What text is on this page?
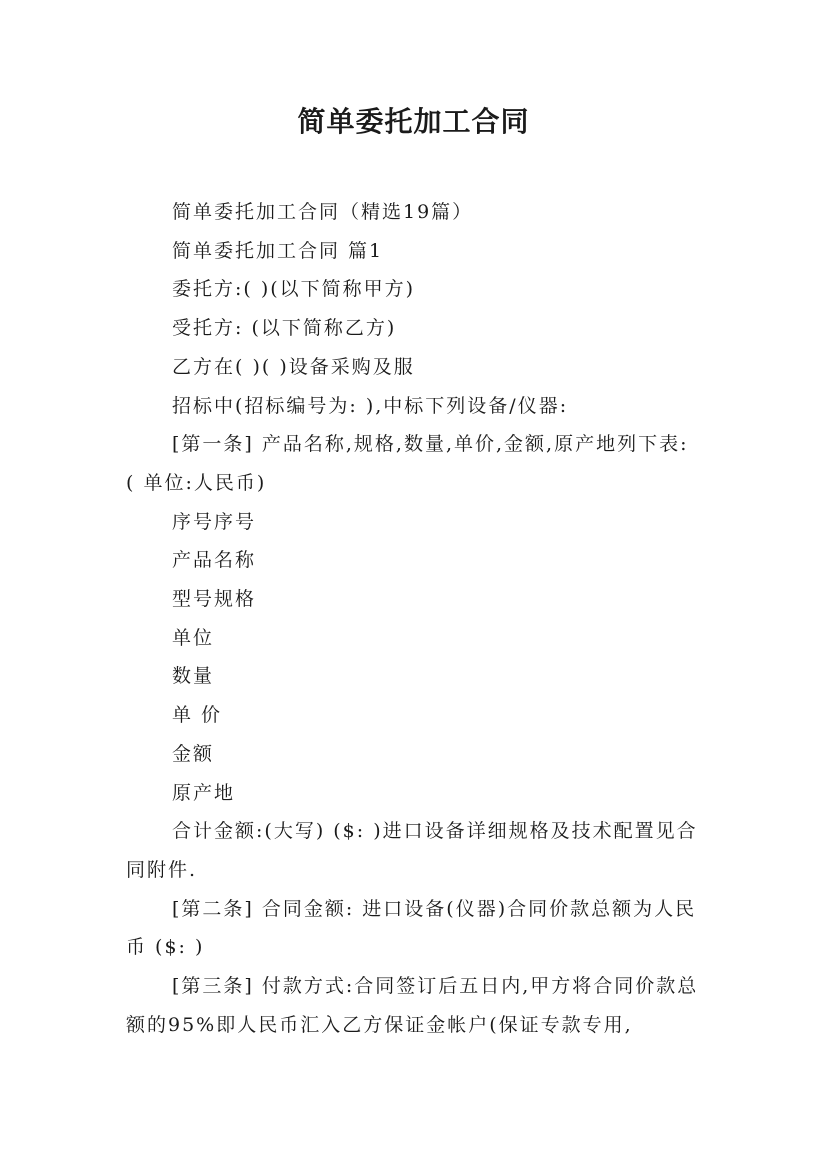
简单委托加工合同

简单委托加工合同（精选19篇）

简单委托加工合同 篇1

委托方:( )(以下简称甲方)

受托方: (以下简称乙方)

乙方在( )( )设备采购及服

招标中(招标编号为: ),中标下列设备/仪器:

[第一条] 产品名称,规格,数量,单价,金额,原产地列下表: ( 单位:人民币)

序号序号

产品名称

型号规格

单位

数量

单 价

金额

原产地

合计金额:(大写) ($: )进口设备详细规格及技术配置见合同附件.

[第二条] 合同金额: 进口设备(仪器)合同价款总额为人民币 ($: )

[第三条] 付款方式:合同签订后五日内,甲方将合同价款总额的95%即人民币汇入乙方保证金帐户(保证专款专用,
